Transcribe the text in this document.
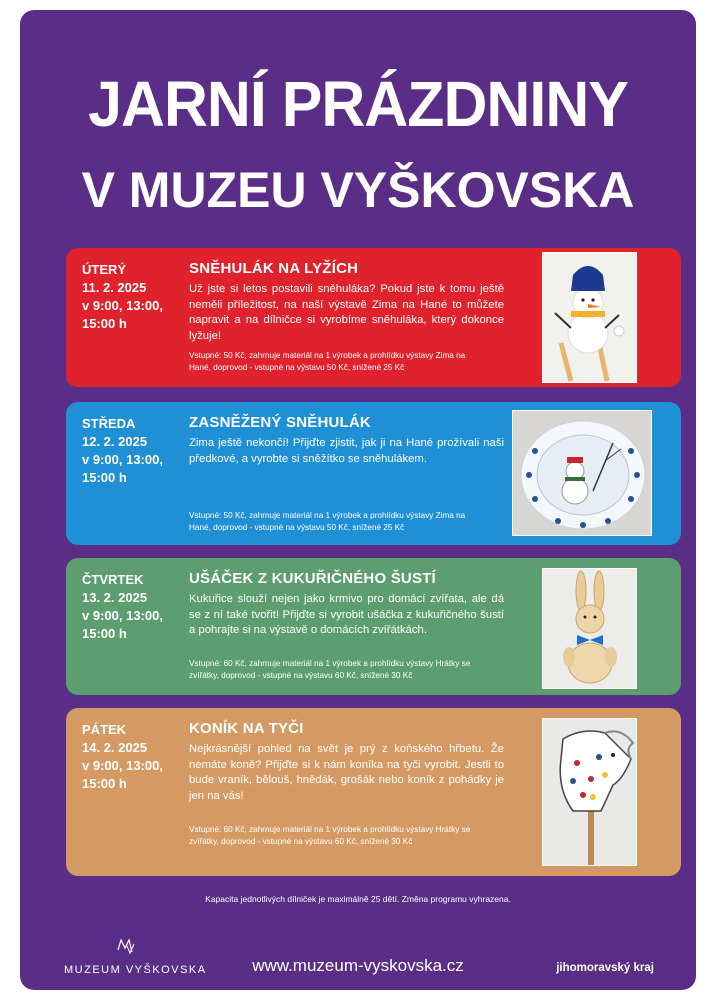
JARNÍ PRÁZDNINY
V MUZEU VYŠKOVSKA
ÚTERÝ
11. 2. 2025
v 9:00, 13:00,
15:00 h
SNĚHULÁK NA LYŽÍCH
Už jste si letos postavili sněhuláka? Pokud jste k tomu ještě neměli příležitost, na naší výstavě Zima na Hané to můžete napravit a na dílničce si vyrobíme sněhuláka, který dokonce lyžuje!
Vstupné: 50 Kč, zahrnuje materiál na 1 výrobek a prohlídku výstavy Zima na Hané, doprovod - vstupné na výstavu 50 Kč, snížené 25 Kč
STŘEDA
12. 2. 2025
v 9:00, 13:00,
15:00 h
ZASNĚŽENÝ SNĚHULÁK
Zima ještě nekončí! Přijďte zjistit, jak ji na Hané prožívali naši předkové, a vyrobte si sněžítko se sněhulákem.
Vstupné: 50 Kč, zahrnuje materiál na 1 výrobek a prohlídku výstavy Zima na Hané, doprovod - vstupné na výstavu 50 Kč, snížené 25 Kč
ČTVRTEK
13. 2. 2025
v 9:00, 13:00,
15:00 h
UŠÁČEK Z KUKUŘIČNÉHO ŠUSTÍ
Kukuřice slouží nejen jako krmivo pro domácí zvířata, ale dá se z ní také tvořit! Přijďte si vyrobit ušáčka z kukuřičného šustí a pohrajte si na výstavě o domácích zvířátkách.
Vstupné: 60 Kč, zahrnuje materiál na 1 výrobek a prohlídku výstavy Hrátky se zvířátky, doprovod - vstupné na výstavu 60 Kč, snížené 30 Kč
PÁTEK
14. 2. 2025
v 9:00, 13:00,
15:00 h
KONÍK NA TYČI
Nejkrásnější pohled na svět je prý z koňského hřbetu. Že nemáte koně? Přijďte si k nám koníka na tyči vyrobit. Jestli to bude vraník, bělouš, hnědák, grošák nebo koník z pohádky je jen na vás!
Vstupné: 60 Kč, zahrnuje materiál na 1 výrobek a prohlídku výstavy Hrátky se zvířátky, doprovod - vstupné na výstavu 60 Kč, snížené 30 Kč
Kapacita jednotlivých dílniček je maximálně 25 dětí. Změna programu vyhrazena.
MUZEUM VYŠKOVSKA	www.muzeum-vyskovska.cz	jihomoravský kraj
